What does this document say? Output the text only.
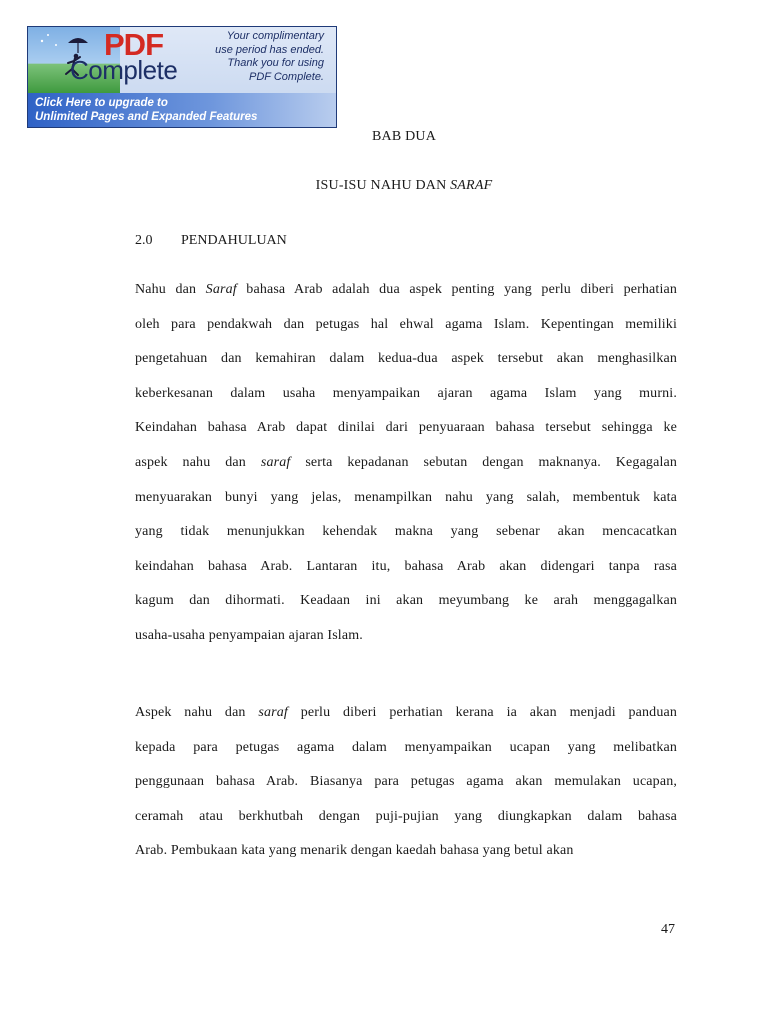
PDF
Complete
Your complimentary
use period has ended.
Thank you for using
PDF Complete.
Click Here to upgrade to
Unlimited Pages and Expanded Features
BAB DUA
ISU-ISU NAHU DAN SARAF
2.0 PENDAHULUAN
Nahu dan Saraf bahasa Arab adalah dua aspek penting yang perlu diberi perhatian
oleh para pendakwah dan petugas hal ehwal agama Islam. Kepentingan memiliki
pengetahuan dan kemahiran dalam kedua-dua aspek tersebut akan menghasilkan
keberkesanan dalam usaha menyampaikan ajaran agama Islam yang murni.
Keindahan bahasa Arab dapat dinilai dari penyuaraan bahasa tersebut sehingga ke
aspek nahu dan saraf serta kepadanan sebutan dengan maknanya. Kegagalan
menyuarakan bunyi yang jelas, menampilkan nahu yang salah, membentuk kata
yang tidak menunjukkan kehendak makna yang sebenar akan mencacatkan
keindahan bahasa Arab. Lantaran itu, bahasa Arab akan didengari tanpa rasa
kagum dan dihormati. Keadaan ini akan meyumbang ke arah menggagalkan
usaha-usaha penyampaian ajaran Islam.
Aspek nahu dan saraf perlu diberi perhatian kerana ia akan menjadi panduan
kepada para petugas agama dalam menyampaikan ucapan yang melibatkan
penggunaan bahasa Arab. Biasanya para petugas agama akan memulakan ucapan,
ceramah atau berkhutbah dengan puji-pujian yang diungkapkan dalam bahasa
Arab. Pembukaan kata yang menarik dengan kaedah bahasa yang betul akan
47
